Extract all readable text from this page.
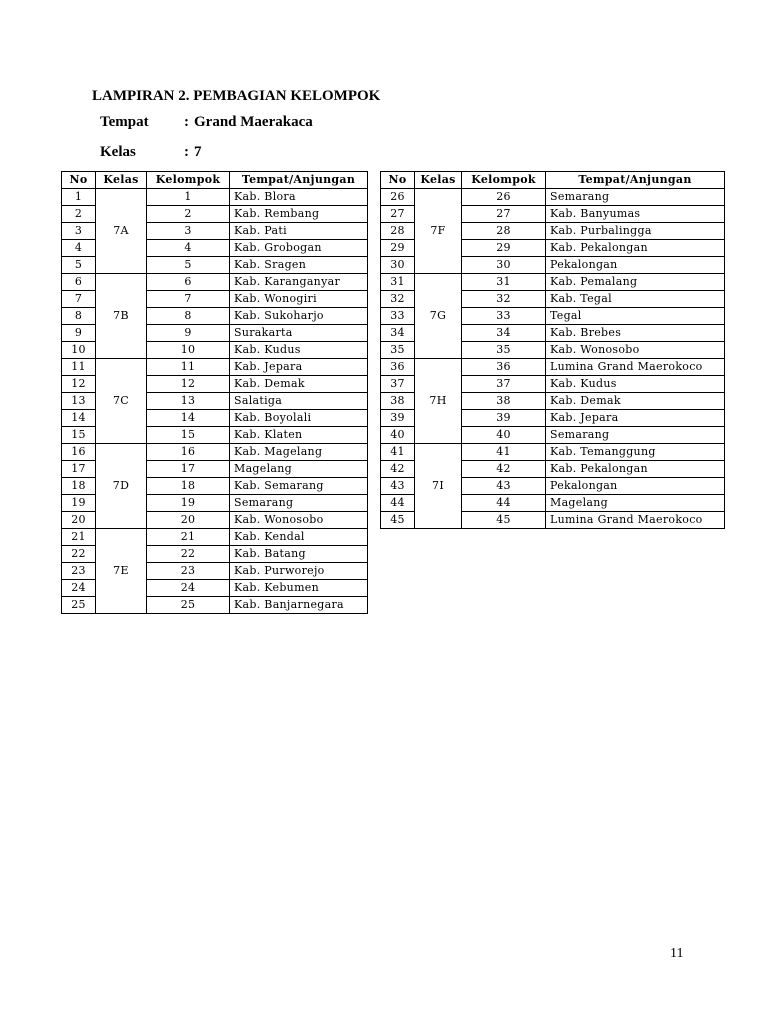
LAMPIRAN 2. PEMBAGIAN KELOMPOK
Tempat : Grand Maerakaca
Kelas	: 7
No	Kelas	Kelompok	Tempat/Anjungan
1	7A	1	Kab. Blora
2		2	Kab. Rembang
3		3	Kab. Pati
4		4	Kab. Grobogan
5		5	Kab. Sragen
6	7B	6	Kab. Karanganyar
7		7	Kab. Wonogiri
8		8	Kab. Sukoharjo
9		9	Surakarta
10		10	Kab. Kudus
11	7C	11	Kab. Jepara
12		12	Kab. Demak
13		13	Salatiga
14		14	Kab. Boyolali
15		15	Kab. Klaten
16	7D	16	Kab. Magelang
17		17	Magelang
18		18	Kab. Semarang
19		19	Semarang
20		20	Kab. Wonosobo
21	7E	21	Kab. Kendal
22		22	Kab. Batang
23		23	Kab. Purworejo
24		24	Kab. Kebumen
25		25	Kab. Banjarnegara
No	Kelas	Kelompok	Tempat/Anjungan
26	7F	26	Semarang
27		27	Kab. Banyumas
28		28	Kab. Purbalingga
29		29	Kab. Pekalongan
30		30	Pekalongan
31	7G	31	Kab. Pemalang
32		32	Kab. Tegal
33		33	Tegal
34		34	Kab. Brebes
35		35	Kab. Wonosobo
36	7H	36	Lumina Grand Maerokoco
37		37	Kab. Kudus
38		38	Kab. Demak
39		39	Kab. Jepara
40		40	Semarang
41	7I	41	Kab. Temanggung
42		42	Kab. Pekalongan
43		43	Pekalongan
44		44	Magelang
45		45	Lumina Grand Maerokoco
11
